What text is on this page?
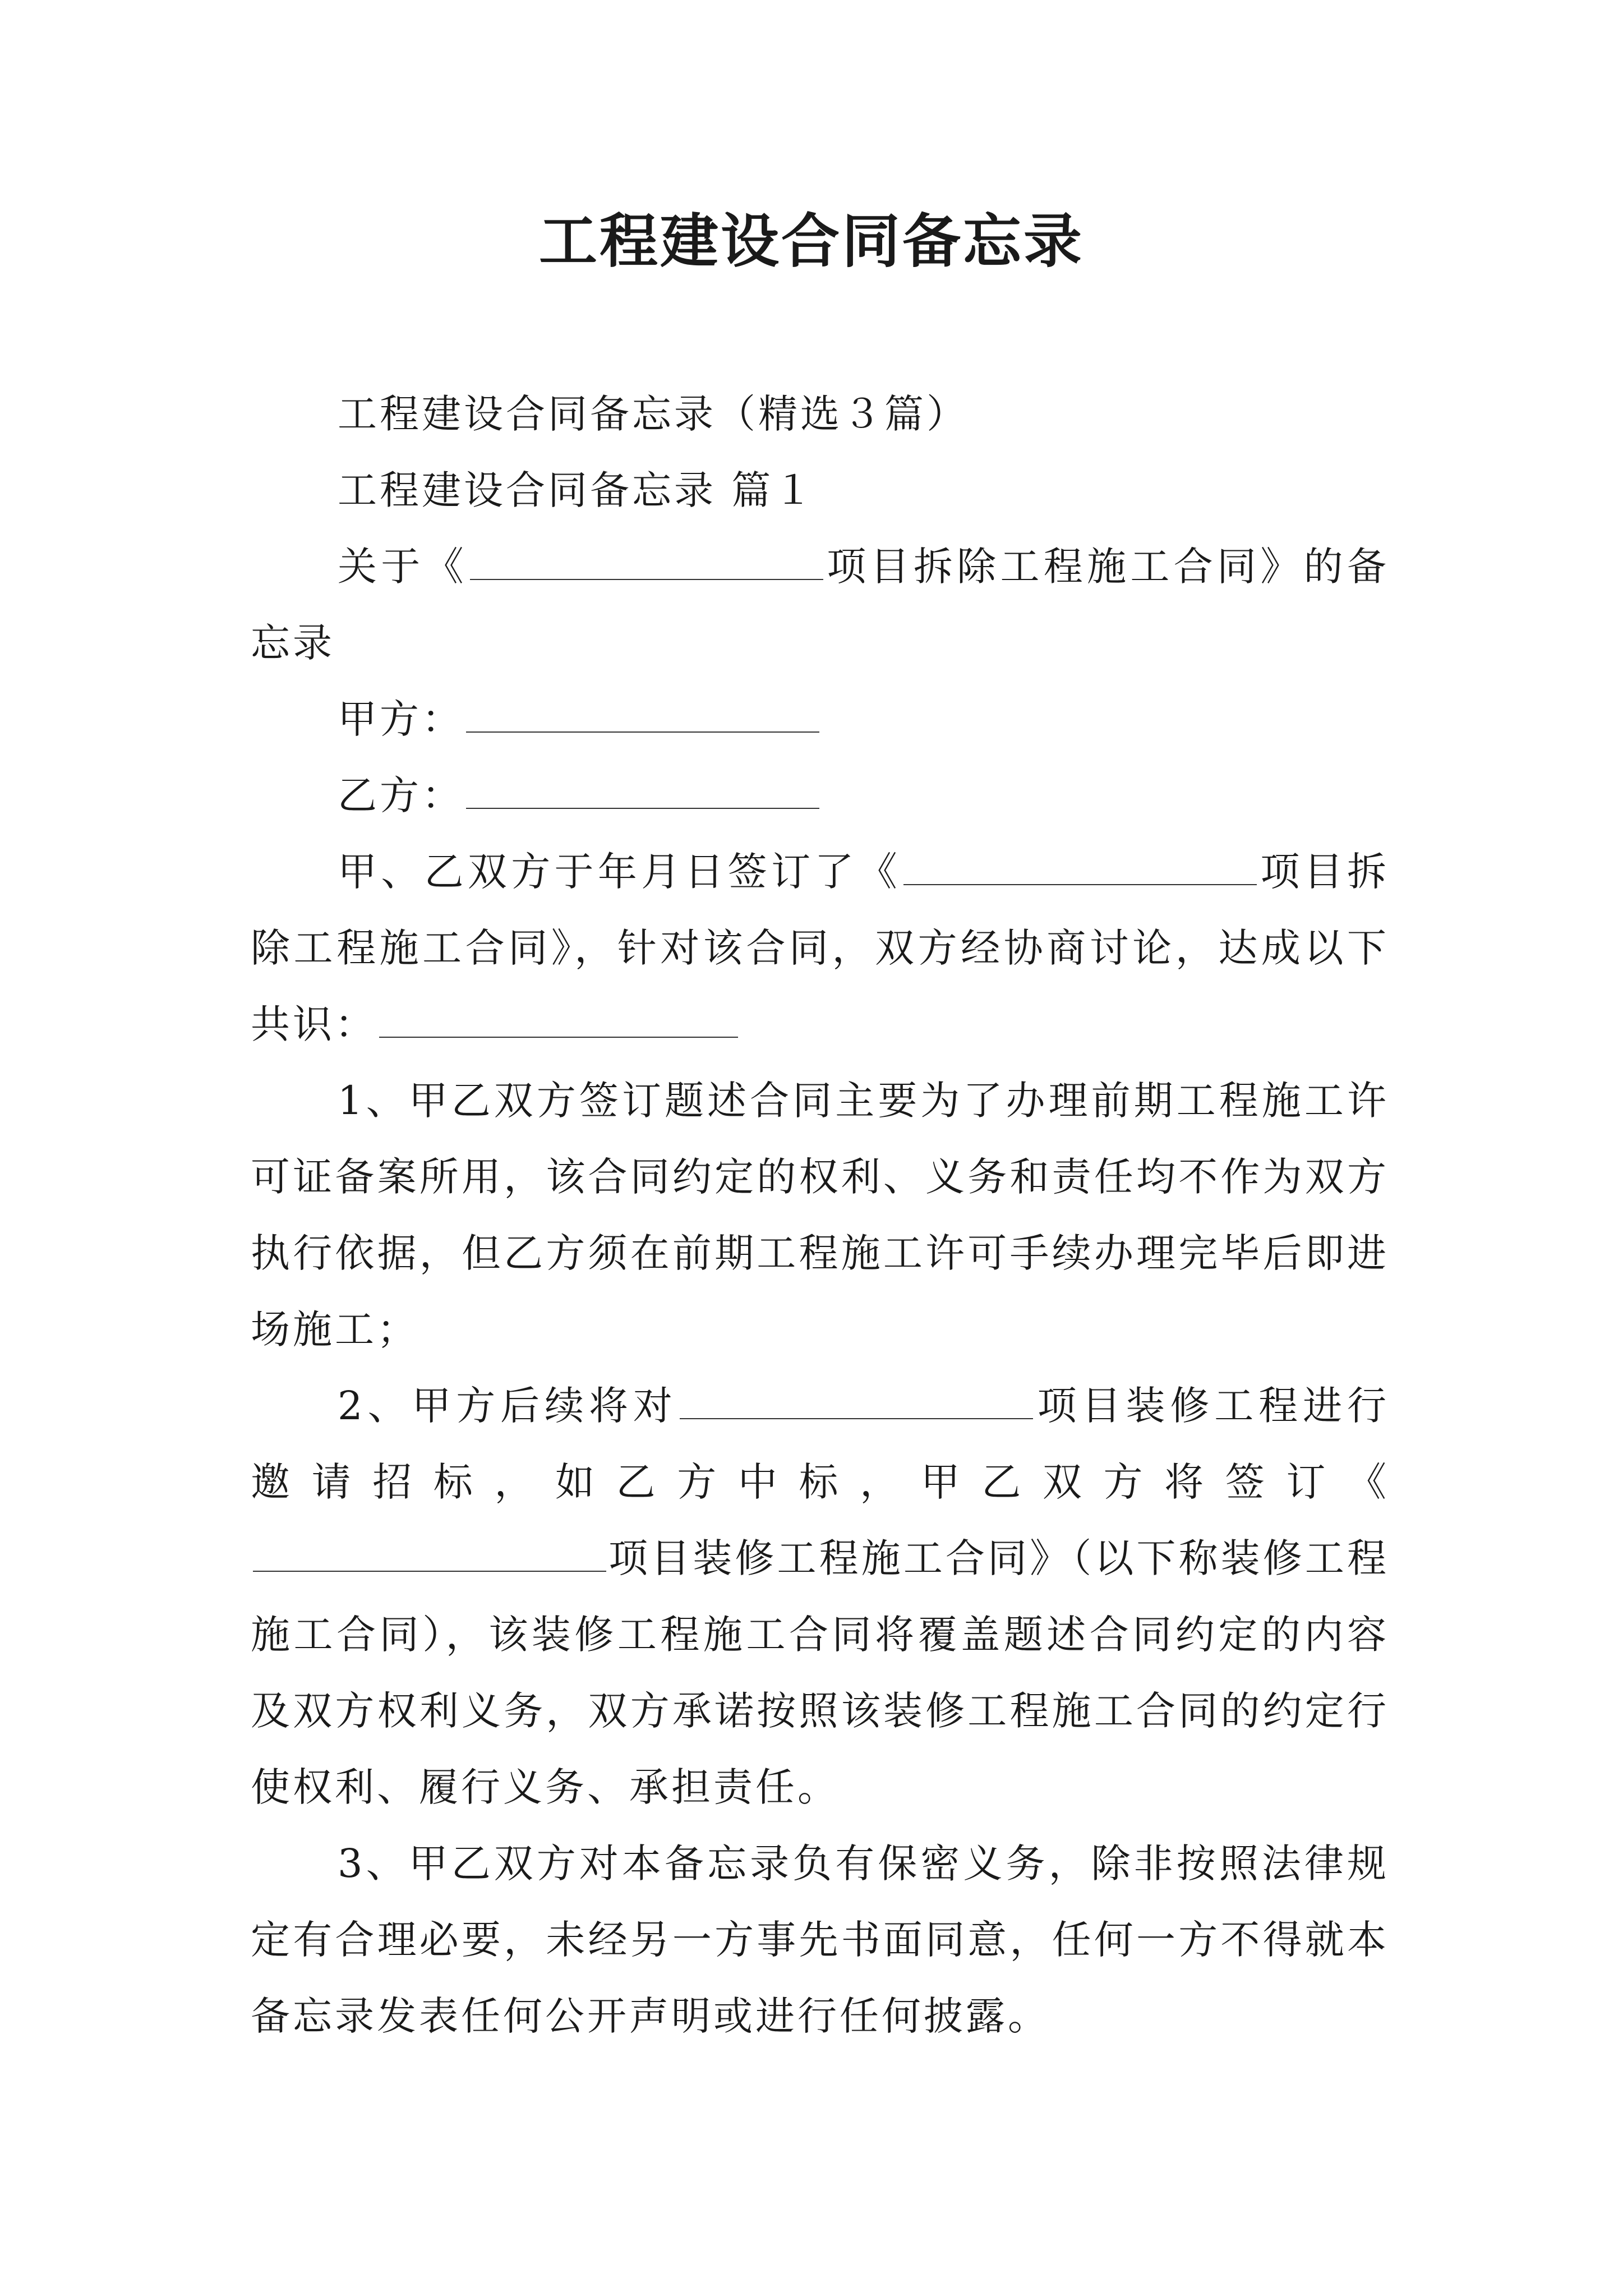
工程建设合同备忘录

工程建设合同备忘录（精选３篇）

工程建设合同备忘录 篇１

关于《	项目拆除工程施工合同》的备忘录

甲方：

乙方：

甲、乙双方于年月日签订了《	项目拆除工程施工合同》，针对该合同，双方经协商讨论，达成以下共识：

1、甲乙双方签订题述合同主要为了办理前期工程施工许可证备案所用，该合同约定的权利、义务和责任均不作为双方执行依据，但乙方须在前期工程施工许可手续办理完毕后即进场施工；

2、甲方后续将对	项目装修工程进行邀请招标，如乙方中标，甲乙双方将签订《项目装修工程施工合同》（以下称装修工程施工合同），该装修工程施工合同将覆盖题述合同约定的内容及双方权利义务，双方承诺按照该装修工程施工合同的约定行使权利、履行义务、承担责任。

3、甲乙双方对本备忘录负有保密义务，除非按照法律规定有合理必要，未经另一方事先书面同意，任何一方不得就本备忘录发表任何公开声明或进行任何披露。
